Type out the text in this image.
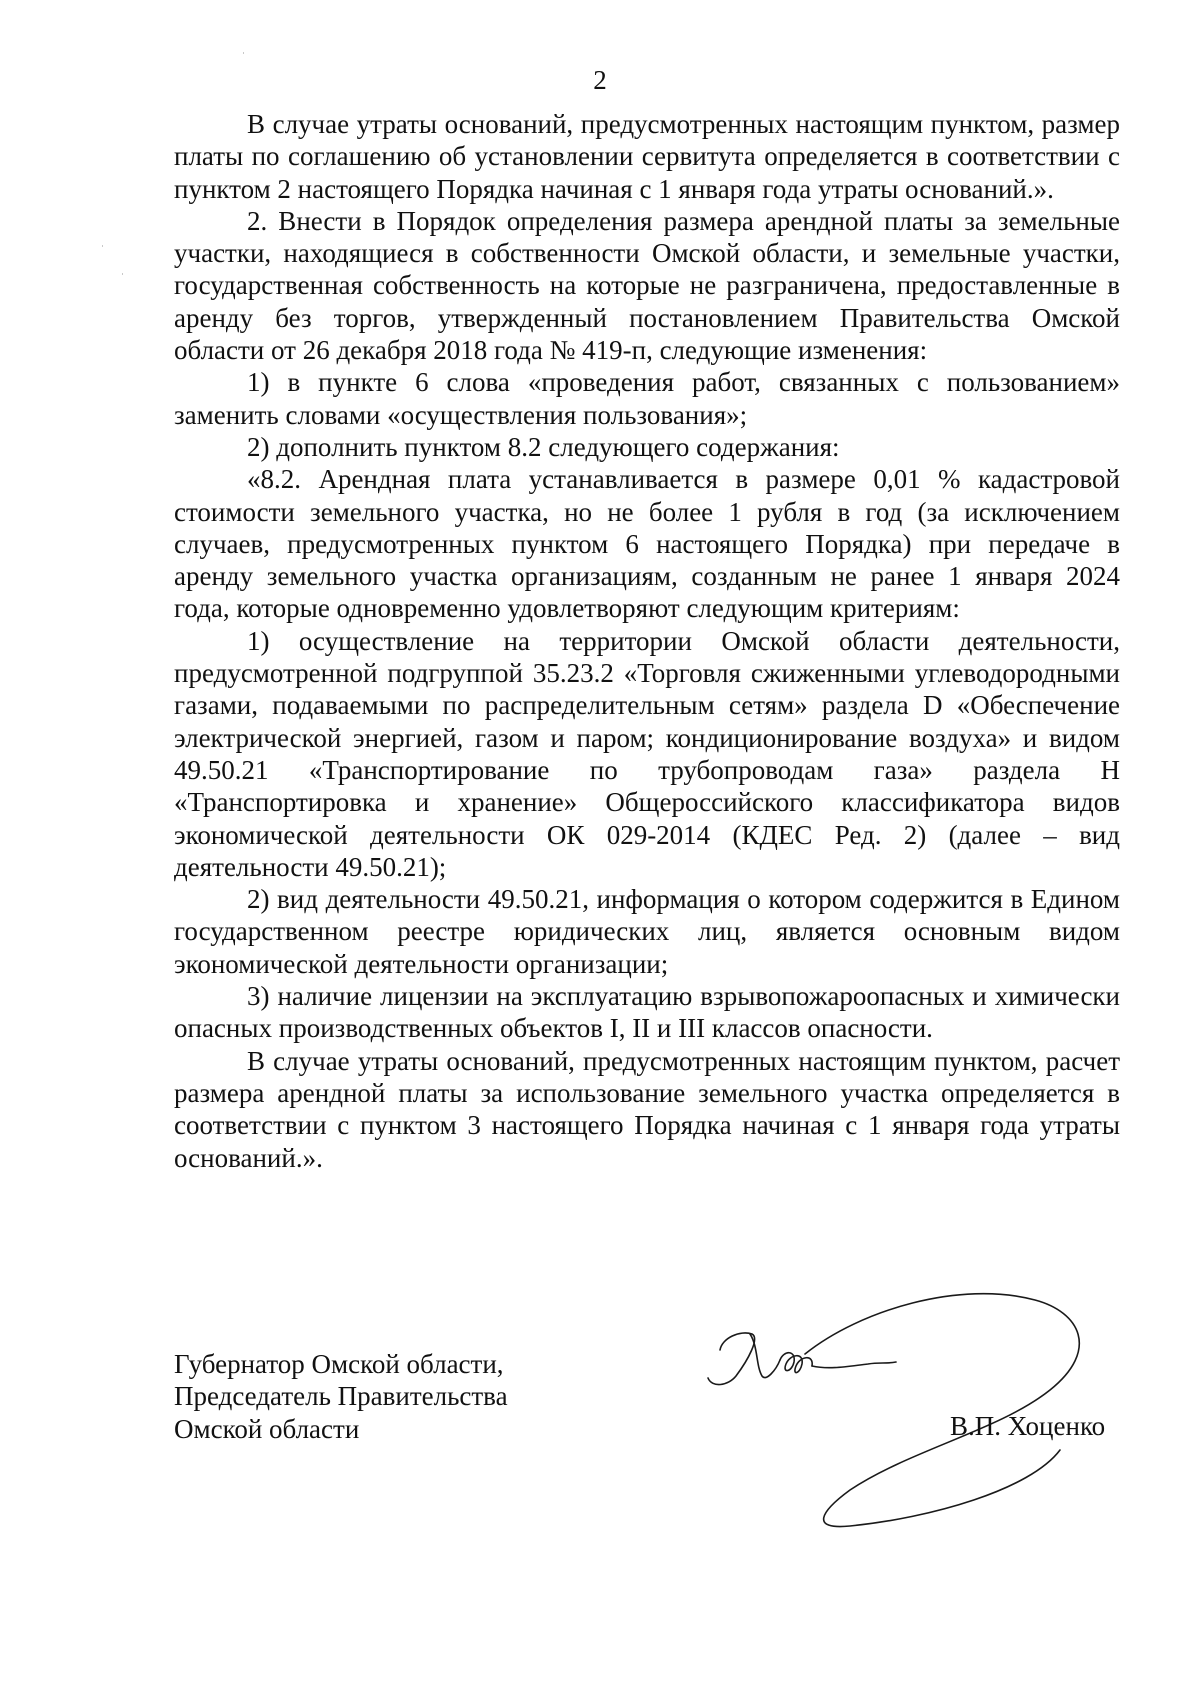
2

В случае утраты оснований, предусмотренных настоящим пунктом, размер платы по соглашению об установлении сервитута определяется в соответствии с пунктом 2 настоящего Порядка начиная с 1 января года утраты оснований.».

2. Внести в Порядок определения размера арендной платы за земельные участки, находящиеся в собственности Омской области, и земельные участки, государственная собственность на которые не разграничена, предоставленные в аренду без торгов, утвержденный постановлением Правительства Омской области от 26 декабря 2018 года № 419-п, следующие изменения:

1) в пункте 6 слова «проведения работ, связанных с пользованием» заменить словами «осуществления пользования»;

2) дополнить пунктом 8.2 следующего содержания:

«8.2. Арендная плата устанавливается в размере 0,01 % кадастровой стоимости земельного участка, но не более 1 рубля в год (за исключением случаев, предусмотренных пунктом 6 настоящего Порядка) при передаче в аренду земельного участка организациям, созданным не ранее 1 января 2024 года, которые одновременно удовлетворяют следующим критериям:

1) осуществление на территории Омской области деятельности, предусмотренной подгруппой 35.23.2 «Торговля сжиженными углеводородными газами, подаваемыми по распределительным сетям» раздела D «Обеспечение электрической энергией, газом и паром; кондиционирование воздуха» и видом 49.50.21 «Транспортирование по трубопроводам газа» раздела H «Транспортировка и хранение» Общероссийского классификатора видов экономической деятельности ОК 029-2014 (КДЕС Ред. 2) (далее – вид деятельности 49.50.21);

2) вид деятельности 49.50.21, информация о котором содержится в Едином государственном реестре юридических лиц, является основным видом экономической деятельности организации;

3) наличие лицензии на эксплуатацию взрывопожароопасных и химически опасных производственных объектов I, II и III классов опасности.

В случае утраты оснований, предусмотренных настоящим пунктом, расчет размера арендной платы за использование земельного участка определяется в соответствии с пунктом 3 настоящего Порядка начиная с 1 января года утраты оснований.».

Губернатор Омской области,
Председатель Правительства
Омской области	В.П. Хоценко
